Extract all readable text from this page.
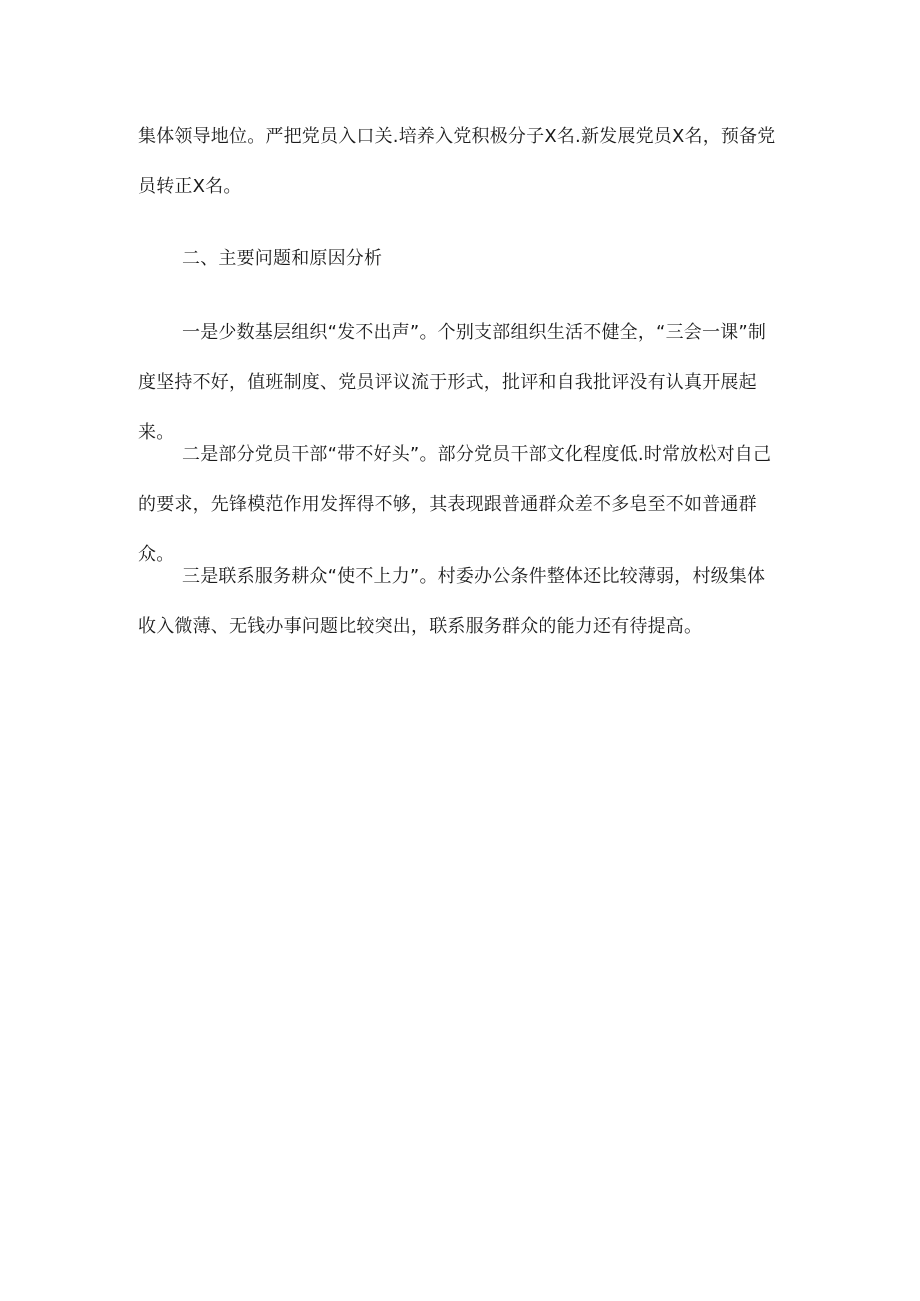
集体领导地位。严把党员入口关.培养入党积极分子X名.新发展党员X名，预备党员转正X名。

二、主要问题和原因分析

一是少数基层组织“发不出声”。个别支部组织生活不健全，“三会一课”制度坚持不好，值班制度、党员评议流于形式，批评和自我批评没有认真开展起来。

二是部分党员干部“带不好头”。部分党员干部文化程度低.时常放松对自己的要求，先锋模范作用发挥得不够，其表现跟普通群众差不多皂至不如普通群众。

三是联系服务耕众“使不上力”。村委办公条件整体还比较薄弱，村级集体收入微薄、无钱办事问题比较突出，联系服务群众的能力还有待提高。
